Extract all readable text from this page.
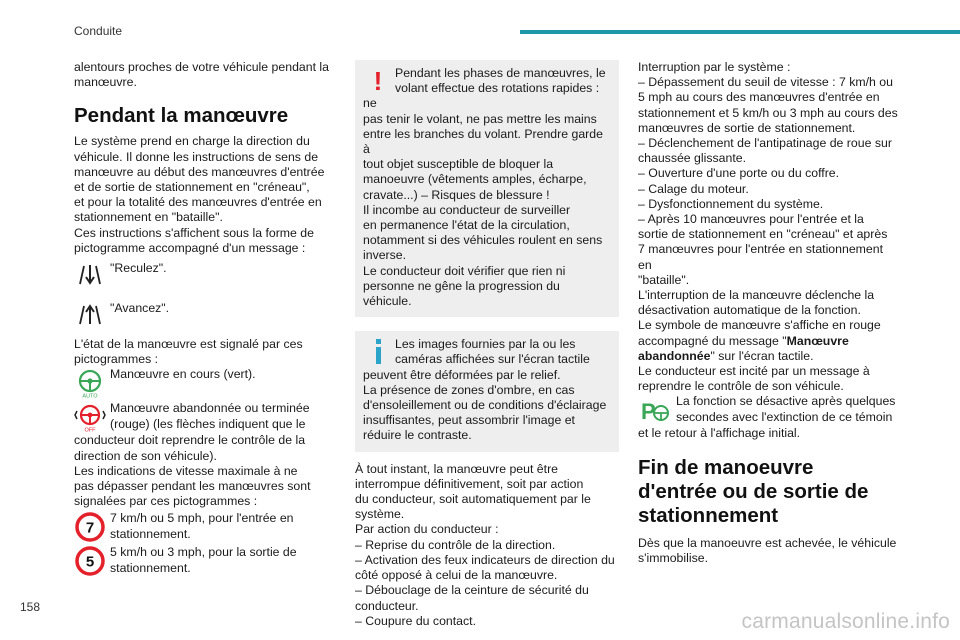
Conduite

alentours proches de votre véhicule pendant la
manœuvre.

Pendant la manœuvre

Le système prend en charge la direction du
véhicule. Il donne les instructions de sens de
manœuvre au début des manœuvres d'entrée
et de sortie de stationnement en "créneau",
et pour la totalité des manœuvres d'entrée en
stationnement en "bataille".
Ces instructions s'affichent sous la forme de
pictogramme accompagné d'un message :

"Reculez".
"Avancez".

L'état de la manœuvre est signalé par ces
pictogrammes :

AUTO
Manœuvre en cours (vert).
OFF
Manœuvre abandonnée ou terminée
(rouge) (les flèches indiquent que le

conducteur doit reprendre le contrôle de la
direction de son véhicule).
Les indications de vitesse maximale à ne
pas dépasser pendant les manœuvres sont
signalées par ces pictogrammes :

7
7 km/h ou 5 mph, pour l'entrée en
stationnement.
5
5 km/h ou 3 mph, pour la sortie de
stationnement.
!	Pendant les phases de manœuvres, le
volant effectue des rotations rapides : ne
pas tenir le volant, ne pas mettre les mains
entre les branches du volant. Prendre garde à
tout objet susceptible de bloquer la
manoeuvre (vêtements amples, écharpe,
cravate...) – Risques de blessure !
Il incombe au conducteur de surveiller
en permanence l'état de la circulation,
notamment si des véhicules roulent en sens
inverse.
Le conducteur doit vérifier que rien ni
personne ne gêne la progression du véhicule.
Les images fournies par la ou les
caméras affichées sur l'écran tactile
peuvent être déformées par le relief.
La présence de zones d'ombre, en cas
d'ensoleillement ou de conditions d'éclairage
insuffisantes, peut assombrir l'image et
réduire le contraste.

À tout instant, la manœuvre peut être
interrompue définitivement, soit par action
du conducteur, soit automatiquement par le
système.
Par action du conducteur :
– Reprise du contrôle de la direction.
– Activation des feux indicateurs de direction du
côté opposé à celui de la manœuvre.
– Débouclage de la ceinture de sécurité du
conducteur.
– Coupure du contact.

Interruption par le système :
– Dépassement du seuil de vitesse : 7 km/h ou
5 mph au cours des manœuvres d'entrée en
stationnement et 5 km/h ou 3 mph au cours des
manœuvres de sortie de stationnement.
– Déclenchement de l'antipatinage de roue sur
chaussée glissante.
– Ouverture d'une porte ou du coffre.
– Calage du moteur.
– Dysfonctionnement du système.
– Après 10 manœuvres pour l'entrée et la
sortie de stationnement en "créneau" et après
7 manœuvres pour l'entrée en stationnement en
"bataille".
L'interruption de la manœuvre déclenche la
désactivation automatique de la fonction.
Le symbole de manœuvre s'affiche en rouge
accompagné du message "Manœuvre
abandonnée" sur l'écran tactile.
Le conducteur est incité par un message à
reprendre le contrôle de son véhicule.

P	La fonction se désactive après quelques
secondes avec l'extinction de ce témoin

et le retour à l'affichage initial.

Fin de manoeuvre
d'entrée ou de sortie de
stationnement

Dès que la manoeuvre est achevée, le véhicule
s'immobilise.

158
carmanualsonline.info
